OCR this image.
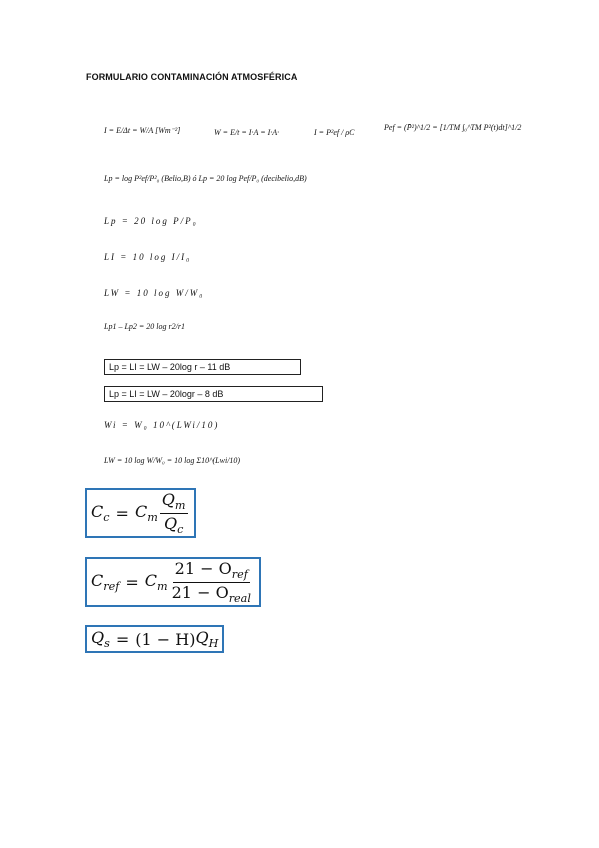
FORMULARIO CONTAMINACIÓN ATMOSFÉRICA
I = E/Δt = W/A [Wm⁻²]	W = E/t = I·A = I·A·	I = P²ef / ρC
Pef = (P̄²)^1/2 = [1/TM ∫₀^TM P²(t)dt]^1/2
Lp = log P²ef/P²₀ (Belio,B) ó Lp = 20 log Pef/P₀ (decibelio,dB)
Lp = 20 log P/P₀
LI = 10 log I/I₀
LW = 10 log W/W₀
Lp1 – Lp2 = 20 log r2/r1
Lp = LI = LW – 20log r – 11 dB
Lp = LI = LW – 20logr – 8 dB
Wi = W₀ 10^(LWi/10)
LW = 10 log W/W₀ = 10 log Σ10^(Lwi/10)
$C_c = C_m \frac{Q_m}{Q_c}$
$C_{ref} = C_m \frac{21 - O_{ref}}{21 - O_{real}}$
$Q_s = (1 - H)$ $Q_H$
